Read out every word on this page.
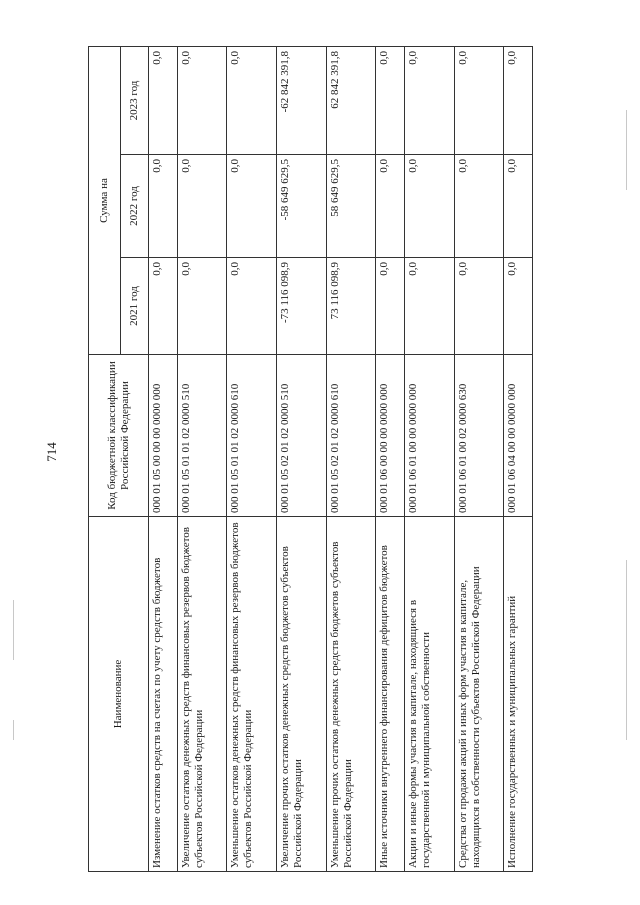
714
Наименование	Код бюджетной классификации Российской Федерации	Сумма на		
		2021 год	2022 год	2023 год
Изменение остатков средств на счетах по учету средств бюджетов	000 01 05 00 00 00 0000 000	0,0	0,0	0,0
Увеличение остатков денежных средств финансовых резервов бюджетов субъектов Российской Федерации	000 01 05 01 01 02 0000 510	0,0	0,0	0,0
Уменьшение остатков денежных средств финансовых резервов бюджетов субъектов Российской Федерации	000 01 05 01 01 02 0000 610	0,0	0,0	0,0
Увеличение прочих остатков денежных средств бюджетов субъектов Российской Федерации	000 01 05 02 01 02 0000 510	-73 116 098,9	-58 649 629,5	-62 842 391,8
Уменьшение прочих остатков денежных средств бюджетов субъектов Российской Федерации	000 01 05 02 01 02 0000 610	73 116 098,9	58 649 629,5	62 842 391,8
Иные источники внутреннего финансирования дефицитов бюджетов	000 01 06 00 00 00 0000 000	0,0	0,0	0,0
Акции и иные формы участия в капитале, находящиеся в государственной и муниципальной собственности	000 01 06 01 00 00 0000 000	0,0	0,0	0,0
Средства от продажи акций и иных форм участия в капитале, находящихся в собственности субъектов Российской Федерации	000 01 06 01 00 02 0000 630	0,0	0,0	0,0
Исполнение государственных и муниципальных гарантий	000 01 06 04 00 00 0000 000	0,0	0,0	0,0
